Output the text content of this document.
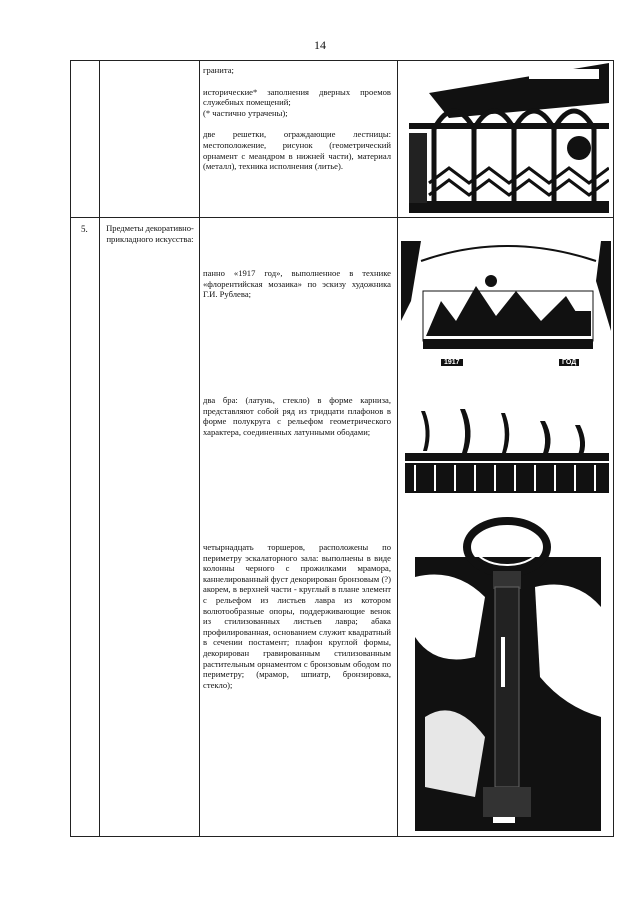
14

гранита;

исторические* заполнения дверных проемов служебных помещений;

(* частично утрачены);

две решетки, ограждающие лестницы: местоположение, рисунок (геометрический орнамент с меандром в нижней части), материал (металл), техника исполнения (литье).

5. Предметы декоративно-прикладного искусства:
панно «1917 год», выполненное в технике «флорентийская мозаика» по эскизу художника Г.И. Рублева;
два бра: (латунь, стекло) в форме карниза, представляют собой ряд из тридцати плафонов в форме полукруга с рельефом геометрического характера, соединенных латунными ободами;
четырнадцать торшеров, расположены по периметру эскалаторного зала: выполнены в виде колонны черного с прожилками мрамора, каннелированный фуст декорирован бронзовым (?) акорем, в верхней части - круглый в плане элемент с рельефом из листьев лавра из котором волютообразные опоры, поддерживающие венок из стилизованных листьев лавра; абака профилированная, основанием служит квадратный в сечении постамент; плафон круглой формы, декорирован гравированным стилизованным растительным орнаментом с бронзовым ободом по периметру; (мрамор, шпиатр, бронзировка, стекло);
1917	ГОД
